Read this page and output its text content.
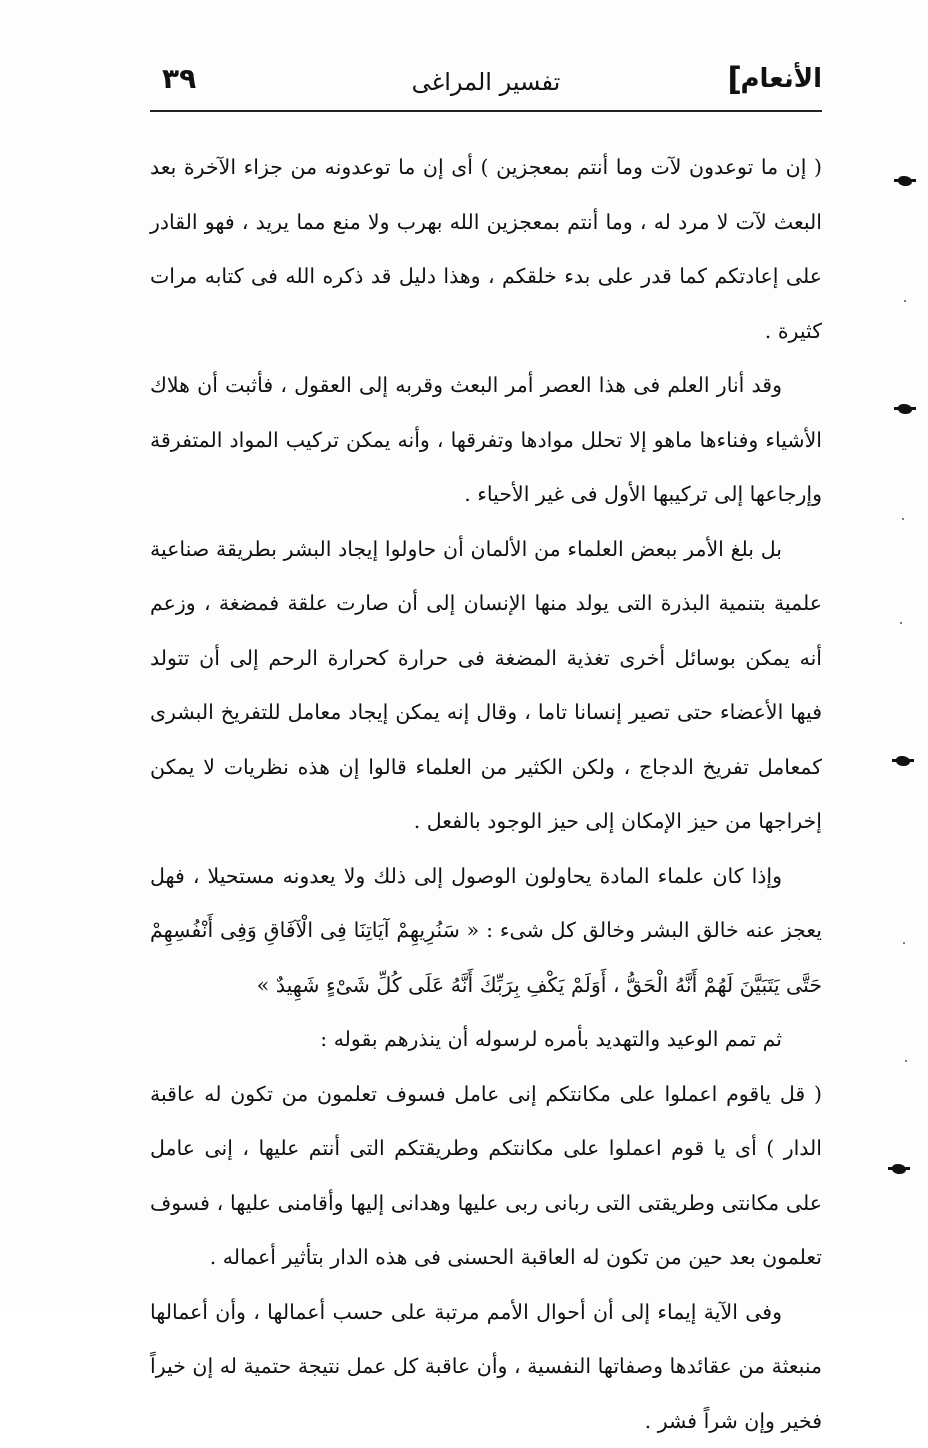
الأنعام
]
تفسير المراغى
٣٩

( إن ما توعدون لآت وما أنتم بمعجزين ) أى إن ما توعدونه من جزاء الآخرة بعد البعث لآت لا مرد له ، وما أنتم بمعجزين الله بهرب ولا منع مما يريد ، فهو القادر على إعادتكم كما قدر على بدء خلقكم ، وهذا دليل قد ذكره الله فى كتابه مرات كثيرة .

وقد أنار العلم فى هذا العصر أمر البعث وقربه إلى العقول ، فأثبت أن هلاك الأشياء وفناءها ماهو إلا تحلل موادها وتفرقها ، وأنه يمكن تركيب المواد المتفرقة وإرجاعها إلى تركيبها الأول فى غير الأحياء .

بل بلغ الأمر ببعض العلماء من الألمان أن حاولوا إيجاد البشر بطريقة صناعية علمية بتنمية البذرة التى يولد منها الإنسان إلى أن صارت علقة فمضغة ، وزعم أنه يمكن بوسائل أخرى تغذية المضغة فى حرارة كحرارة الرحم إلى أن تتولد فيها الأعضاء حتى تصير إنسانا تاما ، وقال إنه يمكن إيجاد معامل للتفريخ البشرى كمعامل تفريخ الدجاج ، ولكن الكثير من العلماء قالوا إن هذه نظريات لا يمكن إخراجها من حيز الإمكان إلى حيز الوجود بالفعل .

وإذا كان علماء المادة يحاولون الوصول إلى ذلك ولا يعدونه مستحيلا ، فهل يعجز عنه خالق البشر وخالق كل شىء : « سَنُرِيهِمْ آيَاتِنَا فِى الْآفَاقِ وَفِى أَنْفُسِهِمْ حَتَّى يَتَبَيَّنَ لَهُمْ أَنَّهُ الْحَقُّ ، أَوَلَمْ يَكْفِ بِرَبِّكَ أَنَّهُ عَلَى كُلِّ شَىْءٍ شَهِيدٌ »

ثم تمم الوعيد والتهديد بأمره لرسوله أن ينذرهم بقوله :

( قل ياقوم اعملوا على مكانتكم إنى عامل فسوف تعلمون من تكون له عاقبة الدار ) أى يا قوم اعملوا على مكانتكم وطريقتكم التى أنتم عليها ، إنى عامل على مكانتى وطريقتى التى ربانى ربى عليها وهدانى إليها وأقامنى عليها ، فسوف تعلمون بعد حين من تكون له العاقبة الحسنى فى هذه الدار بتأثير أعماله .

وفى الآية إيماء إلى أن أحوال الأمم مرتبة على حسب أعمالها ، وأن أعمالها منبعثة من عقائدها وصفاتها النفسية ، وأن عاقبة كل عمل نتيجة حتمية له إن خيراً فخير وإن شراً فشر .
